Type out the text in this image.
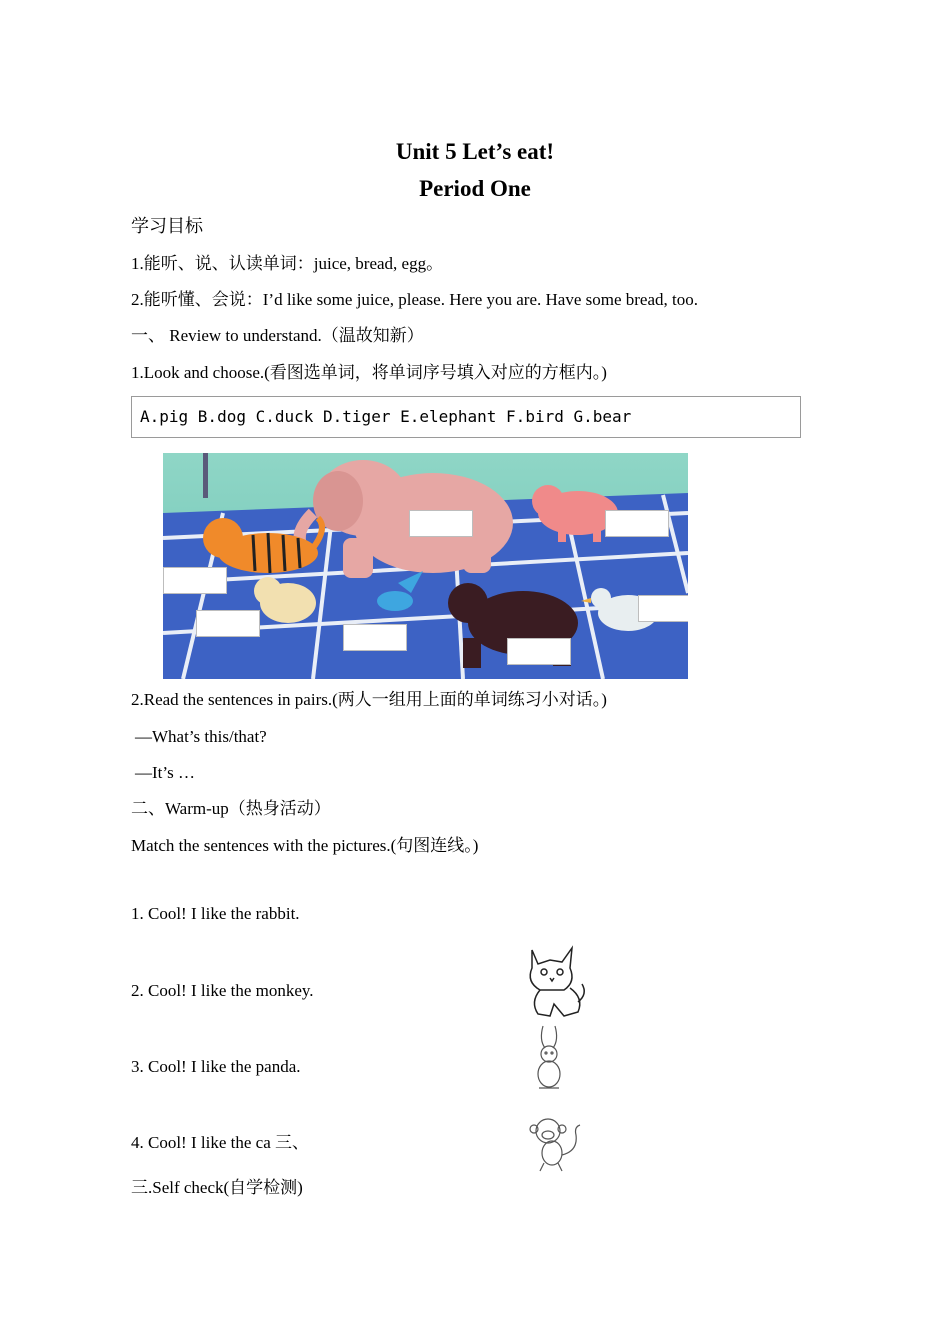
Unit 5 Let’s eat!
Period One
学习目标
1.能听、说、认读单词：juice, bread, egg。
2.能听懂、会说：I’d like some juice, please. Here you are. Have some bread, too.
一、 Review to understand.（温故知新）
1.Look and choose.(看图选单词，将单词序号填入对应的方框内。)
A.pig B.dog C.duck D.tiger E.elephant F.bird G.bear
2.Read the sentences in pairs.(两人一组用上面的单词练习小对话。)
—What’s this/that?
—It’s …
二、Warm-up（热身活动）
Match the sentences with the pictures.(句图连线。)
1. Cool! I like the rabbit.
2. Cool! I like the monkey.
3. Cool! I like the panda.
4. Cool! I like the ca 三、
三.Self check(自学检测)
